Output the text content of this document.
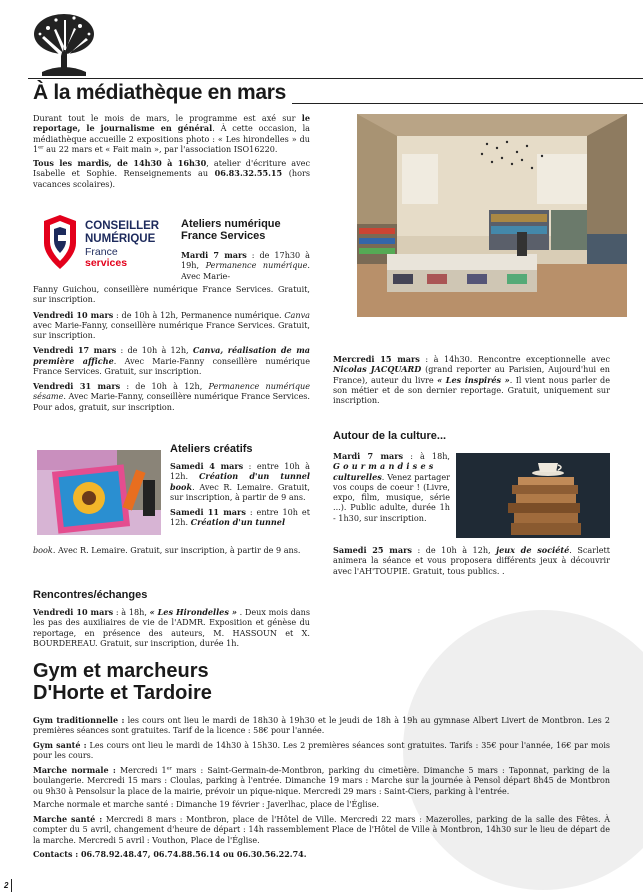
À la médiathèque en mars

Durant tout le mois de mars, le programme est axé sur le reportage, le journalisme en général. À cette occasion, la médiathèque accueille 2 expositions photo : « Les hirondelles » du 1er au 22 mars et « Fait main », par l'association ISO16220.

Tous les mardis, de 14h30 à 16h30, atelier d'écriture avec Isabelle et Sophie. Renseignements au 06.83.32.55.15 (hors vacances scolaires).

CONSEILLER
NUMÉRIQUE
France
services
Ateliers numérique France Services

Mardi 7 mars : de 17h30 à 19h, Permanence numérique. Avec Marie-

Fanny Guichou, conseillère numérique France Services. Gratuit, sur inscription.

Vendredi 10 mars : de 10h à 12h, Permanence numérique. Canva avec Marie-Fanny, conseillère numérique France Services. Gratuit, sur inscription.

Vendredi 17 mars : de 10h à 12h, Canva, réalisation de ma première affiche. Avec Marie-Fanny conseillère numérique France Services. Gratuit, sur inscription.

Vendredi 31 mars : de 10h à 12h, Permanence numérique sésame. Avec Marie-Fanny, conseillère numérique France Services. Pour ados, gratuit, sur inscription.

Ateliers créatifs

Samedi 4 mars : entre 10h à 12h. Création d'un tunnel book. Avec R. Lemaire. Gratuit, sur inscription, à partir de 9 ans.

Samedi 11 mars : entre 10h et 12h. Création d'un tunnel

book. Avec R. Lemaire. Gratuit, sur inscription, à partir de 9 ans.

Rencontres/échanges

Vendredi 10 mars : à 18h, « Les Hirondelles » . Deux mois dans les pas des auxiliaires de vie de l'ADMR. Exposition et génèse du reportage, en présence des auteurs, M. HASSOUN et X. BOURDEREAU. Gratuit, sur inscription, durée 1h.

Mercredi 15 mars : à 14h30. Rencontre exceptionnelle avec Nicolas JACQUARD (grand reporter au Parisien, Aujourd'hui en France), auteur du livre « Les inspirés ». Il vient nous parler de son métier et de son dernier reportage. Gratuit, uniquement sur inscription.

Autour de la culture...

Mardi 7 mars : à 18h, Gourmandises culturelles. Venez partager vos coups de coeur ! (Livre, expo, film, musique, série ...). Public adulte, durée 1h - 1h30, sur inscription.

Samedi 25 mars : de 10h à 12h, jeux de société. Scarlett animera la séance et vous proposera différents jeux à découvrir avec l'AH'TOUPIE. Gratuit, tous publics. .

Gym et marcheurs
D'Horte et Tardoire

Gym traditionnelle : les cours ont lieu le mardi de 18h30 à 19h30 et le jeudi de 18h à 19h au gymnase Albert Livert de Montbron. Les 2 premières séances sont gratuites. Tarif de la licence : 58€ pour l'année.

Gym santé : Les cours ont lieu le mardi de 14h30 à 15h30. Les 2 premières séances sont gratuites. Tarifs : 35€ pour l'année, 16€ par mois pour les cours.

Marche normale : Mercredi 1er mars : Saint-Germain-de-Montbron, parking du cimetière. Dimanche 5 mars : Taponnat, parking de la boulangerie. Mercredi 15 mars : Cloulas, parking à l'entrée. Dimanche 19 mars : Marche sur la journée à Pensol départ 8h45 de Montbron ou 9h30 à Pensolsur la place de la mairie, prévoir un pique-nique. Mercredi 29 mars : Saint-Ciers, parking à l'entrée.

Marche normale et marche santé : Dimanche 19 février : Javerlhac, place de l'Église.

Marche santé : Mercredi 8 mars : Montbron, place de l'Hôtel de Ville. Mercredi 22 mars : Mazerolles, parking de la salle des Fêtes. À compter du 5 avril, changement d'heure de départ : 14h rassemblement Place de l'Hôtel de Ville à Montbron, 14h30 sur le lieu de départ de la marche. Mercredi 5 avril : Vouthon, Place de l'Église.

Contacts : 06.78.92.48.47, 06.74.88.56.14 ou 06.30.56.22.74.

2
